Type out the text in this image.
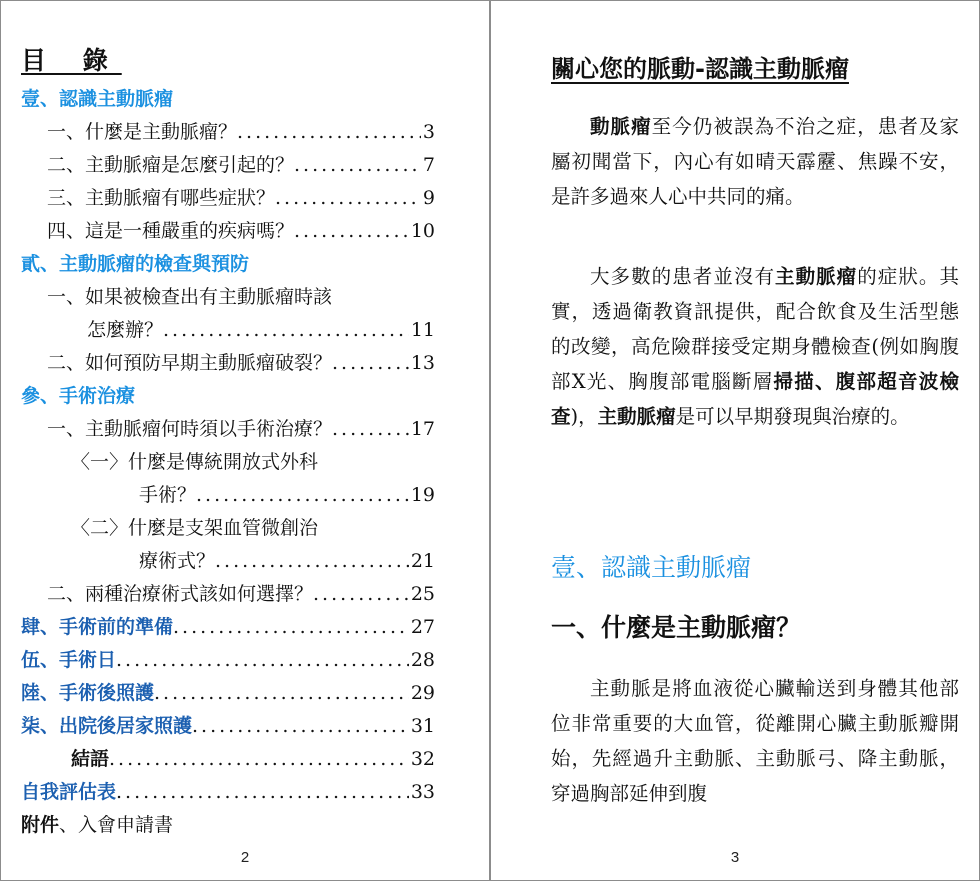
目 錄
壹、認識主動脈瘤
一、什麼是主動脈瘤？ .....	3
二、主動脈瘤是怎麼引起的？ .....	7
三、主動脈瘤有哪些症狀？ .....	9
四、這是一種嚴重的疾病嗎？ .....	10
貳、主動脈瘤的檢查與預防
一、如果被檢查出有主動脈瘤時該
怎麼辦？ .....	11
二、如何預防早期主動脈瘤破裂？ .....	13
參、手術治療
一、主動脈瘤何時須以手術治療？ .....	17
〈一〉什麼是傳統開放式外科
手術？ .....	19
〈二〉什麼是支架血管微創治
療術式？ .....	21
二、兩種治療術式該如何選擇？ .....	25
肆、手術前的準備 .....	27
伍、手術日 .....	28
陸、手術後照護 .....	29
柒、出院後居家照護 .....	31
結語 .....	32
自我評估表 .....	33
附件、入會申請書
2
關心您的脈動-認識主動脈瘤

動脈瘤至今仍被誤為不治之症，患者及家屬初聞當下，內心有如晴天霹靂、焦躁不安，是許多過來人心中共同的痛。

大多數的患者並沒有主動脈瘤的症狀。其實，透過衛教資訊提供，配合飲食及生活型態的改變，高危險群接受定期身體檢查(例如胸腹部X光、胸腹部電腦斷層掃描、腹部超音波檢查)，主動脈瘤是可以早期發現與治療的。

壹、認識主動脈瘤
一、什麼是主動脈瘤？

主動脈是將血液從心臟輸送到身體其他部位非常重要的大血管，從離開心臟主動脈瓣開始，先經過升主動脈、主動脈弓、降主動脈，穿過胸部延伸到腹

3
